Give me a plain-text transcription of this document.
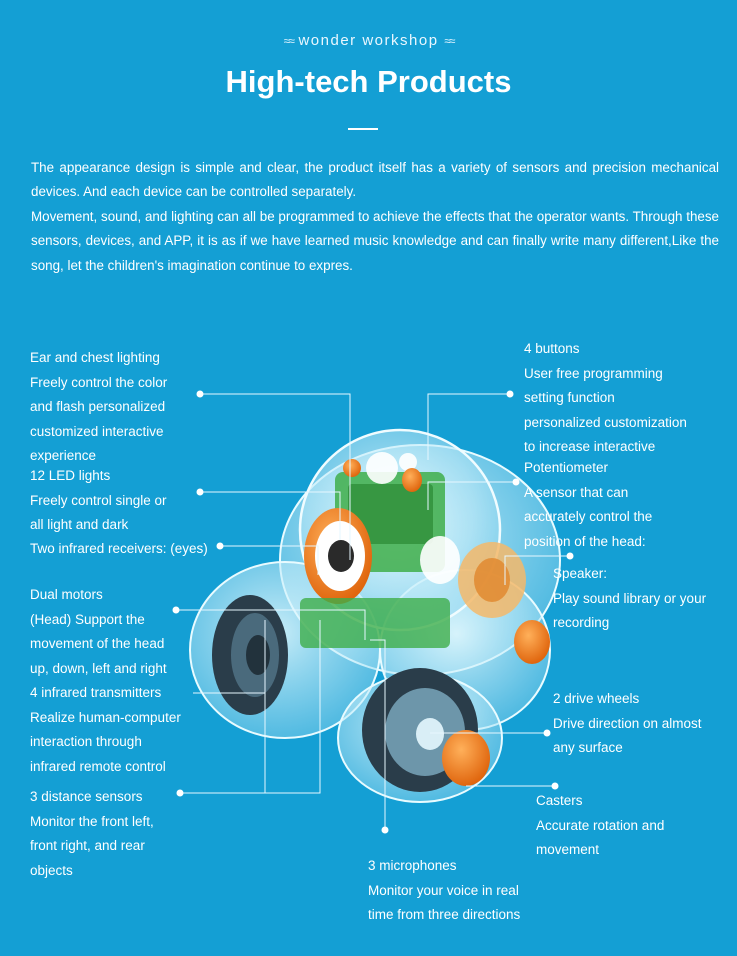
≈≈ wonder workshop ≈≈
High-tech Products

The appearance design is simple and clear, the product itself has a variety of sensors and precision mechanical devices. And each device can be controlled separately.

Movement, sound, and lighting can all be programmed to achieve the effects that the operator wants. Through these sensors, devices, and APP, it is as if we have learned music knowledge and can finally write many different,Like the song, let the children's imagination continue to expres.

Ear and chest lighting
Freely control the color
and flash personalized
customized interactive
experience
12 LED lights
Freely control single or
all light and dark
Two infrared receivers: (eyes)
Dual motors
(Head) Support the
movement of the head
up, down, left and right
4 infrared transmitters
Realize human-computer
interaction through
infrared remote control
3 distance sensors
Monitor the front left,
front right, and rear
objects
4 buttons
User free programming
setting function
personalized customization
to increase interactive
Potentiometer
A sensor that can
accurately control the
position of the head:
Speaker:
Play sound library or your
recording
2 drive wheels
Drive direction on almost
any surface
Casters
Accurate rotation and
movement
3 microphones
Monitor your voice in real
time from three directions
